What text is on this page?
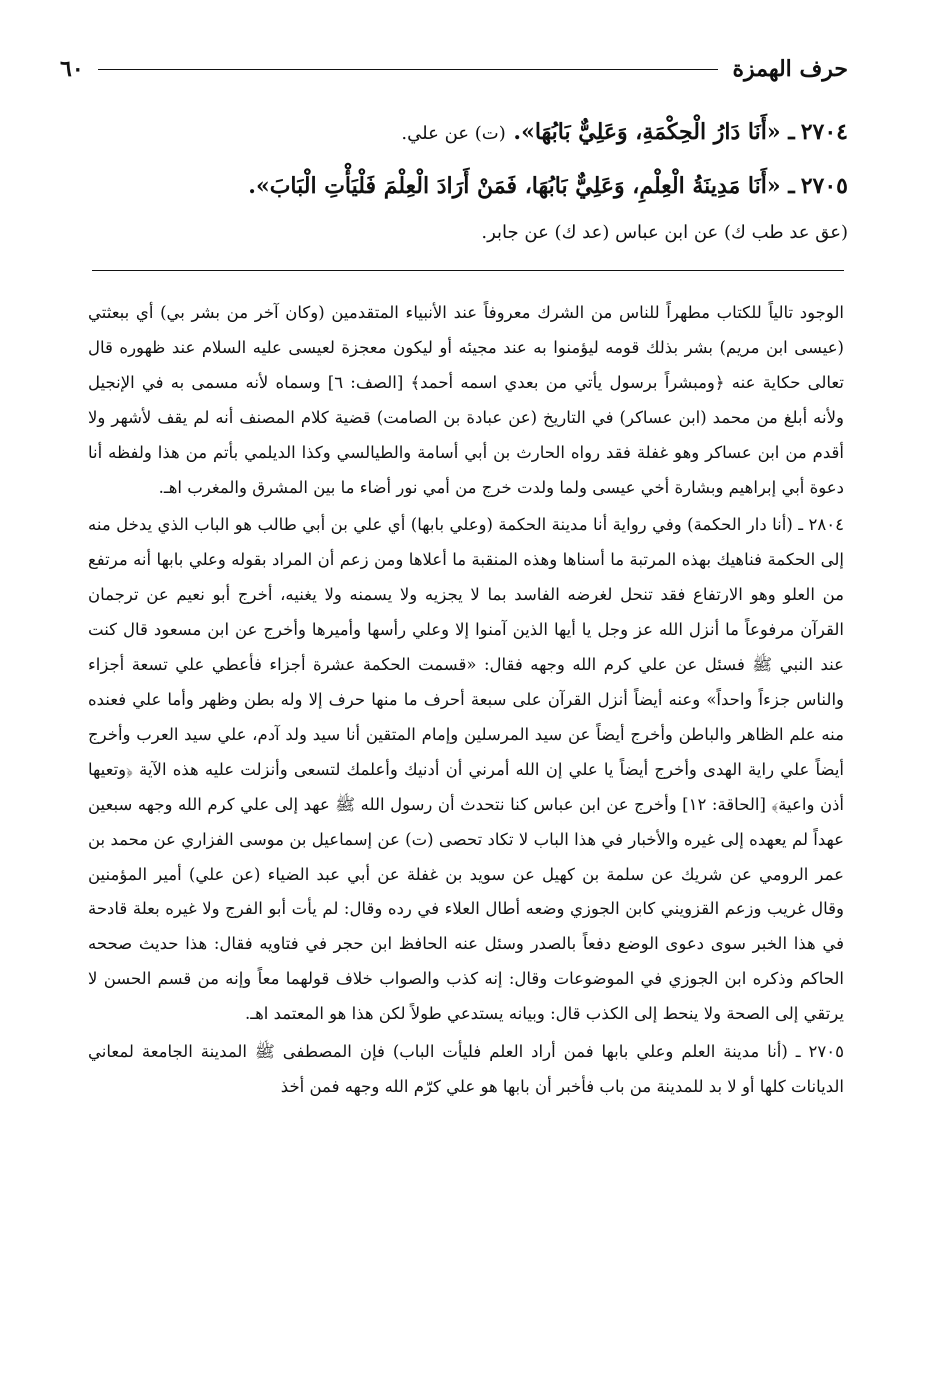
حرف الهمزة
٦٠
٢٧٠٤ـ «أَنَا دَارُ الْحِكْمَةِ، وَعَلِيٌّ بَابُهَا». (ت) عن علي.
٢٧٠٥ـ «أَنَا مَدِينَةُ الْعِلْمِ، وَعَلِيٌّ بَابُهَا، فَمَنْ أَرَادَ الْعِلْمَ فَلْيَأْتِ الْبَابَ».
(عق عد طب ك) عن ابن عباس (عد ك) عن جابر.

الوجود تالياً للكتاب مطهراً للناس من الشرك معروفاً عند الأنبياء المتقدمين (وكان آخر من بشر بي) أي ببعثتي (عيسى ابن مريم) بشر بذلك قومه ليؤمنوا به عند مجيئه أو ليكون معجزة لعيسى عليه السلام عند ظهوره قال تعالى حكاية عنه ﴿ومبشراً برسول يأتي من بعدي اسمه أحمد﴾ [الصف: ٦] وسماه لأنه مسمى به في الإنجيل ولأنه أبلغ من محمد (ابن عساكر) في التاريخ (عن عبادة بن الصامت) قضية كلام المصنف أنه لم يقف لأشهر ولا أقدم من ابن عساكر وهو غفلة فقد رواه الحارث بن أبي أسامة والطيالسي وكذا الديلمي بأتم من هذا ولفظه أنا دعوة أبي إبراهيم وبشارة أخي عيسى ولما ولدت خرج من أمي نور أضاء ما بين المشرق والمغرب اهـ.

٢٨٠٤ ـ (أنا دار الحكمة) وفي رواية أنا مدينة الحكمة (وعلي بابها) أي علي بن أبي طالب هو الباب الذي يدخل منه إلى الحكمة فناهيك بهذه المرتبة ما أسناها وهذه المنقبة ما أعلاها ومن زعم أن المراد بقوله وعلي بابها أنه مرتفع من العلو وهو الارتفاع فقد تنحل لغرضه الفاسد بما لا يجزيه ولا يسمنه ولا يغنيه، أخرج أبو نعيم عن ترجمان القرآن مرفوعاً ما أنزل الله عز وجل يا أيها الذين آمنوا إلا وعلي رأسها وأميرها وأخرج عن ابن مسعود قال كنت عند النبي ﷺ فسئل عن علي كرم الله وجهه فقال: «قسمت الحكمة عشرة أجزاء فأعطي علي تسعة أجزاء والناس جزءاً واحداً» وعنه أيضاً أنزل القرآن على سبعة أحرف ما منها حرف إلا وله بطن وظهر وأما علي فعنده منه علم الظاهر والباطن وأخرج أيضاً عن سيد المرسلين وإمام المتقين أنا سيد ولد آدم، علي سيد العرب وأخرج أيضاً علي راية الهدى وأخرج أيضاً يا علي إن الله أمرني أن أدنيك وأعلمك لتسعى وأنزلت عليه هذه الآية ﴿وتعيها أذن واعية﴾ [الحاقة: ١٢] وأخرج عن ابن عباس كنا نتحدث أن رسول الله ﷺ عهد إلى علي كرم الله وجهه سبعين عهداً لم يعهده إلى غيره والأخبار في هذا الباب لا تكاد تحصى (ت) عن إسماعيل بن موسى الفزاري عن محمد بن عمر الرومي عن شريك عن سلمة بن كهيل عن سويد بن غفلة عن أبي عبد الضياء (عن علي) أمير المؤمنين وقال غريب وزعم القزويني كابن الجوزي وضعه أطال العلاء في رده وقال: لم يأت أبو الفرج ولا غيره بعلة قادحة في هذا الخبر سوى دعوى الوضع دفعاً بالصدر وسئل عنه الحافظ ابن حجر في فتاويه فقال: هذا حديث صححه الحاكم وذكره ابن الجوزي في الموضوعات وقال: إنه كذب والصواب خلاف قولهما معاً وإنه من قسم الحسن لا يرتقي إلى الصحة ولا ينحط إلى الكذب قال: وبيانه يستدعي طولاً لكن هذا هو المعتمد اهـ.

٢٧٠٥ ـ (أنا مدينة العلم وعلي بابها فمن أراد العلم فليأت الباب) فإن المصطفى ﷺ المدينة الجامعة لمعاني الديانات كلها أو لا بد للمدينة من باب فأخبر أن بابها هو علي كرّم الله وجهه فمن أخذ
